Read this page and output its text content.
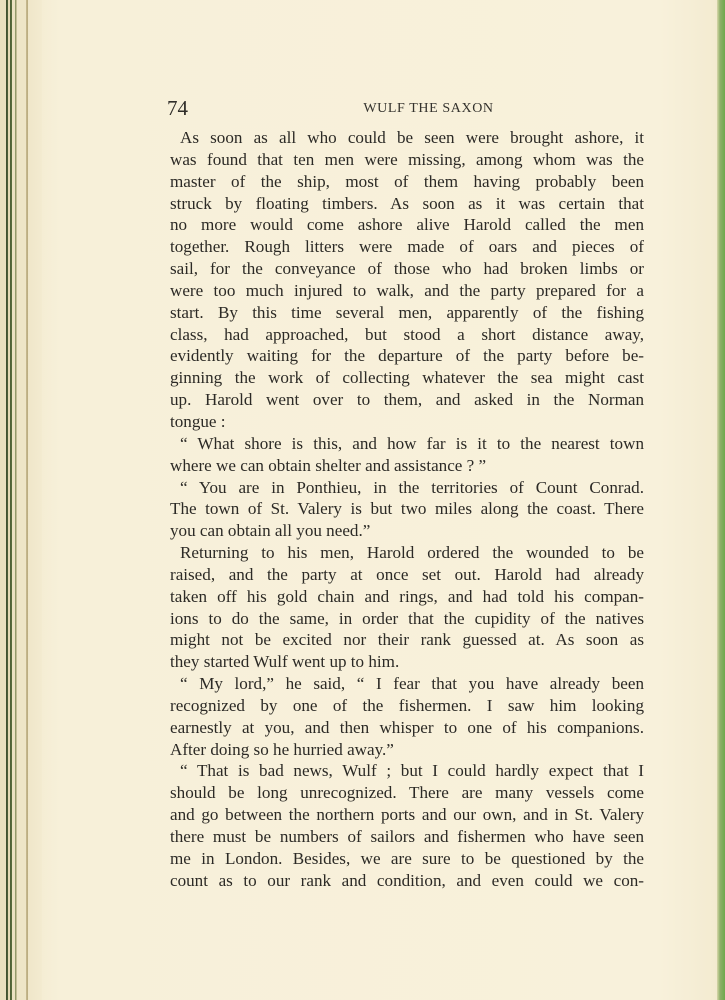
74	WULF THE SAXON
As soon as all who could be seen were brought ashore, it
was found that ten men were missing, among whom was the
master of the ship, most of them having probably been
struck by floating timbers. As soon as it was certain that
no more would come ashore alive Harold called the men
together. Rough litters were made of oars and pieces of
sail, for the conveyance of those who had broken limbs or
were too much injured to walk, and the party prepared for a
start. By this time several men, apparently of the fishing
class, had approached, but stood a short distance away,
evidently waiting for the departure of the party before be-
ginning the work of collecting whatever the sea might cast
up. Harold went over to them, and asked in the Norman
tongue :
“ What shore is this, and how far is it to the nearest town
where we can obtain shelter and assistance ? ”
“ You are in Ponthieu, in the territories of Count Conrad.
The town of St. Valery is but two miles along the coast. There
you can obtain all you need.”
Returning to his men, Harold ordered the wounded to be
raised, and the party at once set out. Harold had already
taken off his gold chain and rings, and had told his compan-
ions to do the same, in order that the cupidity of the natives
might not be excited nor their rank guessed at. As soon as
they started Wulf went up to him.
“ My lord,” he said, “ I fear that you have already been
recognized by one of the fishermen. I saw him looking
earnestly at you, and then whisper to one of his companions.
After doing so he hurried away.”
“ That is bad news, Wulf ; but I could hardly expect that I
should be long unrecognized. There are many vessels come
and go between the northern ports and our own, and in St. Valery
there must be numbers of sailors and fishermen who have seen
me in London. Besides, we are sure to be questioned by the
count as to our rank and condition, and even could we con-
